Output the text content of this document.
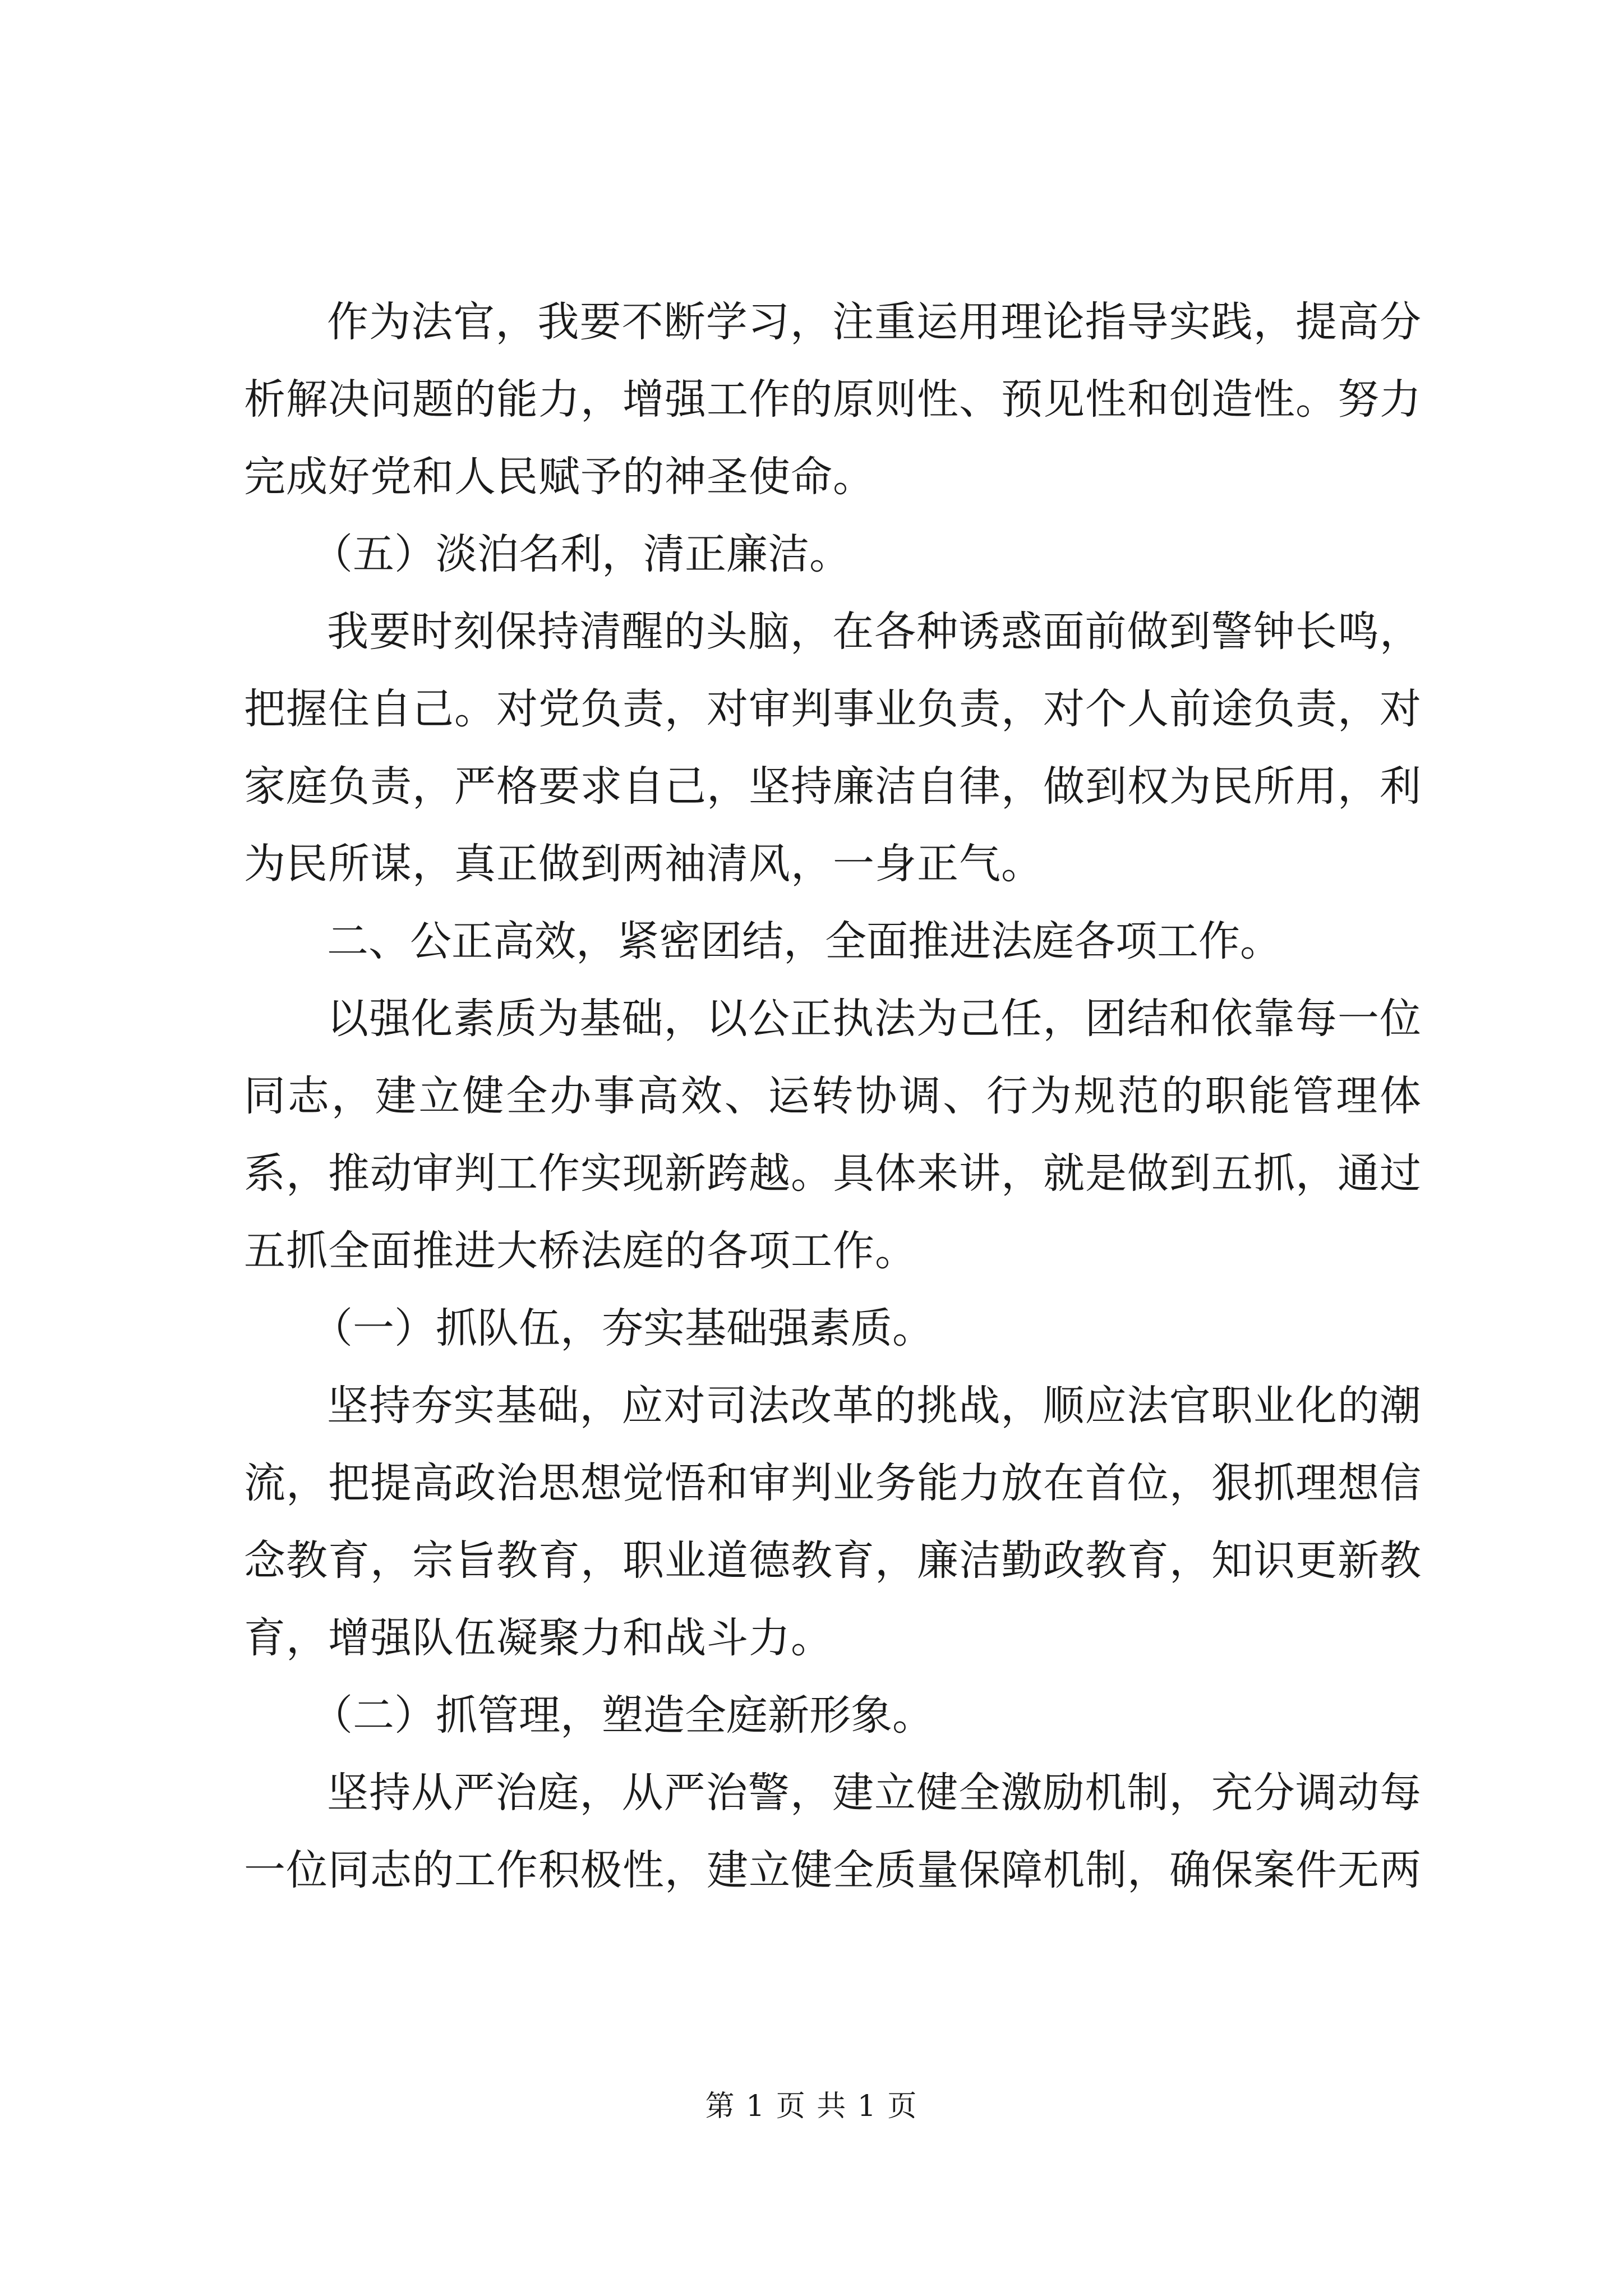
作为法官，我要不断学习，注重运用理论指导实践，提高分析解决问题的能力，增强工作的原则性、预见性和创造性。努力完成好党和人民赋予的神圣使命。

（五）淡泊名利，清正廉洁。

我要时刻保持清醒的头脑，在各种诱惑面前做到警钟长鸣，把握住自己。对党负责，对审判事业负责，对个人前途负责，对家庭负责，严格要求自己，坚持廉洁自律，做到权为民所用，利为民所谋，真正做到两袖清风，一身正气。

二、公正高效，紧密团结，全面推进法庭各项工作。

以强化素质为基础，以公正执法为己任，团结和依靠每一位同志，建立健全办事高效、运转协调、行为规范的职能管理体系，推动审判工作实现新跨越。具体来讲，就是做到五抓，通过五抓全面推进大桥法庭的各项工作。

（一）抓队伍，夯实基础强素质。

坚持夯实基础，应对司法改革的挑战，顺应法官职业化的潮流，把提高政治思想觉悟和审判业务能力放在首位，狠抓理想信念教育，宗旨教育，职业道德教育，廉洁勤政教育，知识更新教育，增强队伍凝聚力和战斗力。

（二）抓管理，塑造全庭新形象。

坚持从严治庭，从严治警，建立健全激励机制，充分调动每一位同志的工作积极性，建立健全质量保障机制，确保案件无两

第 1 页 共 1 页
